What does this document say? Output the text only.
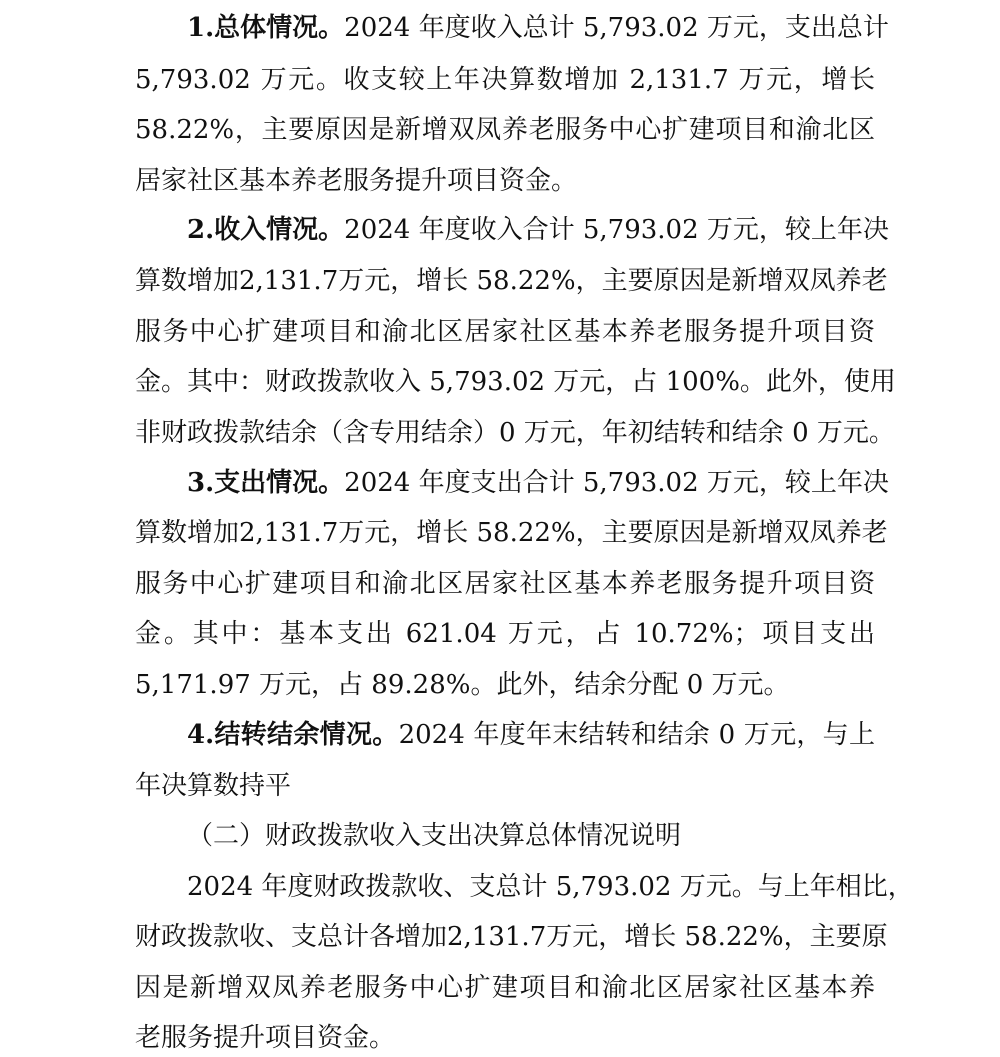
1.总体情况。2024 年度收入总计 5,793.02 万元，支出总计
5,793.02 万元。收支较上年决算数增加 2,131.7 万元，增长
58.22%，主要原因是新增双凤养老服务中心扩建项目和渝北区
居家社区基本养老服务提升项目资金。
2.收入情况。2024 年度收入合计 5,793.02 万元，较上年决
算数增加2,131.7万元，增长 58.22%，主要原因是新增双凤养老
服务中心扩建项目和渝北区居家社区基本养老服务提升项目资
金。其中：财政拨款收入 5,793.02 万元，占 100%。此外，使用
非财政拨款结余（含专用结余）0 万元，年初结转和结余 0 万元。
3.支出情况。2024 年度支出合计 5,793.02 万元，较上年决
算数增加2,131.7万元，增长 58.22%，主要原因是新增双凤养老
服务中心扩建项目和渝北区居家社区基本养老服务提升项目资
金。其中：基本支出 621.04 万元，占 10.72%；项目支出
5,171.97 万元，占 89.28%。此外，结余分配 0 万元。
4.结转结余情况。2024 年度年末结转和结余 0 万元，与上
年决算数持平
（二）财政拨款收入支出决算总体情况说明
2024 年度财政拨款收、支总计 5,793.02 万元。与上年相比，
财政拨款收、支总计各增加2,131.7万元，增长 58.22%，主要原
因是新增双凤养老服务中心扩建项目和渝北区居家社区基本养
老服务提升项目资金。
